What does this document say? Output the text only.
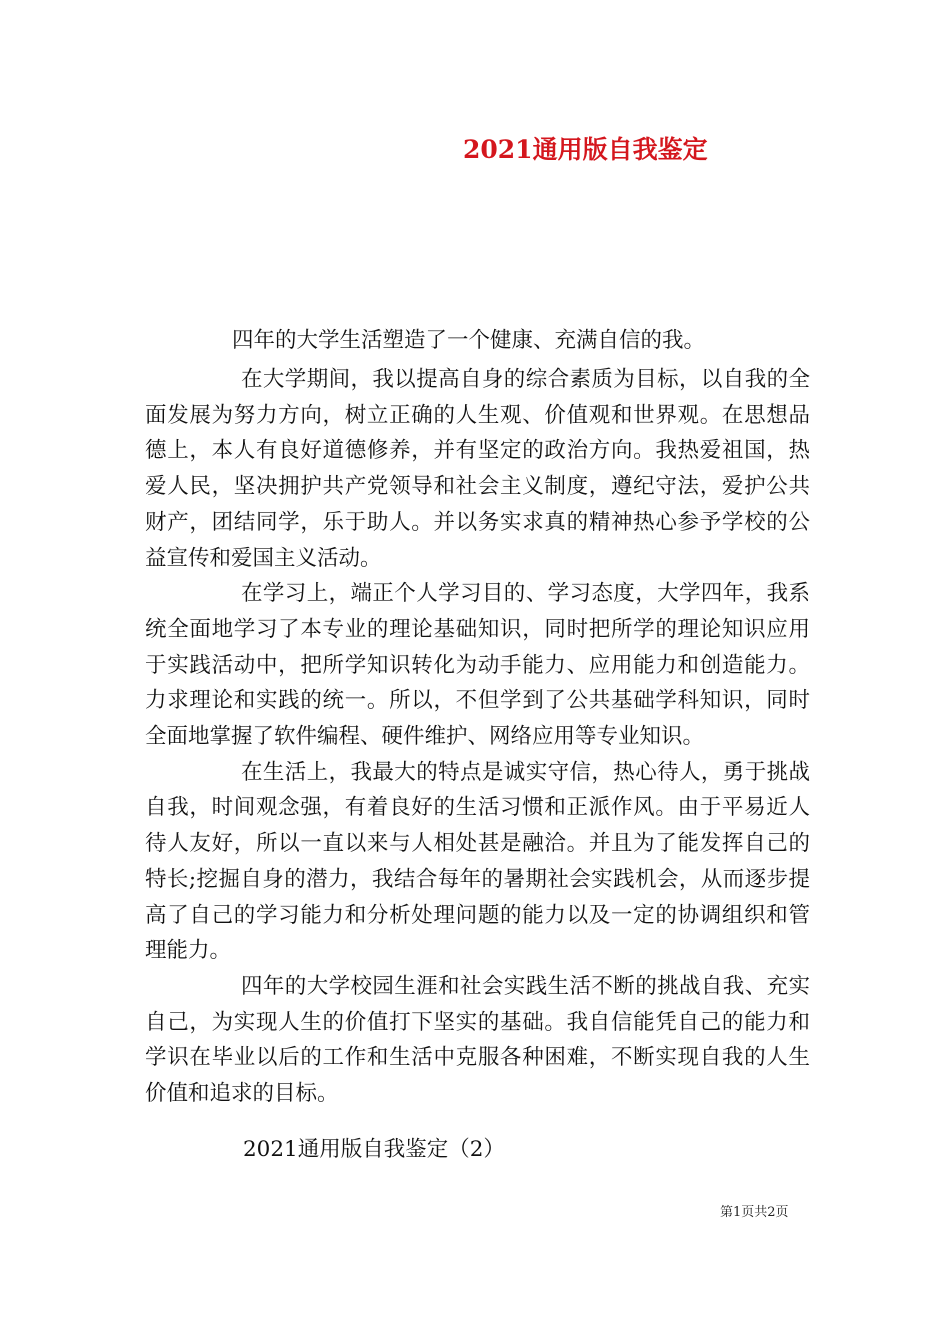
2021通用版自我鉴定

四年的大学生活塑造了一个健康、充满自信的我。

在大学期间，我以提高自身的综合素质为目标，以自我的全面发展为努力方向，树立正确的人生观、价值观和世界观。在思想品德上，本人有良好道德修养，并有坚定的政治方向。我热爱祖国，热爱人民，坚决拥护共产党领导和社会主义制度，遵纪守法，爱护公共财产，团结同学，乐于助人。并以务实求真的精神热心参予学校的公益宣传和爱国主义活动。

在学习上，端正个人学习目的、学习态度，大学四年，我系统全面地学习了本专业的理论基础知识，同时把所学的理论知识应用于实践活动中，把所学知识转化为动手能力、应用能力和创造能力。力求理论和实践的统一。所以，不但学到了公共基础学科知识，同时全面地掌握了软件编程、硬件维护、网络应用等专业知识。

在生活上，我最大的特点是诚实守信，热心待人，勇于挑战自我，时间观念强，有着良好的生活习惯和正派作风。由于平易近人待人友好，所以一直以来与人相处甚是融洽。并且为了能发挥自己的特长;挖掘自身的潜力，我结合每年的暑期社会实践机会，从而逐步提高了自己的学习能力和分析处理问题的能力以及一定的协调组织和管理能力。

四年的大学校园生涯和社会实践生活不断的挑战自我、充实自己，为实现人生的价值打下坚实的基础。我自信能凭自己的能力和学识在毕业以后的工作和生活中克服各种困难，不断实现自我的人生价值和追求的目标。

2021通用版自我鉴定（2）

第1页共2页
